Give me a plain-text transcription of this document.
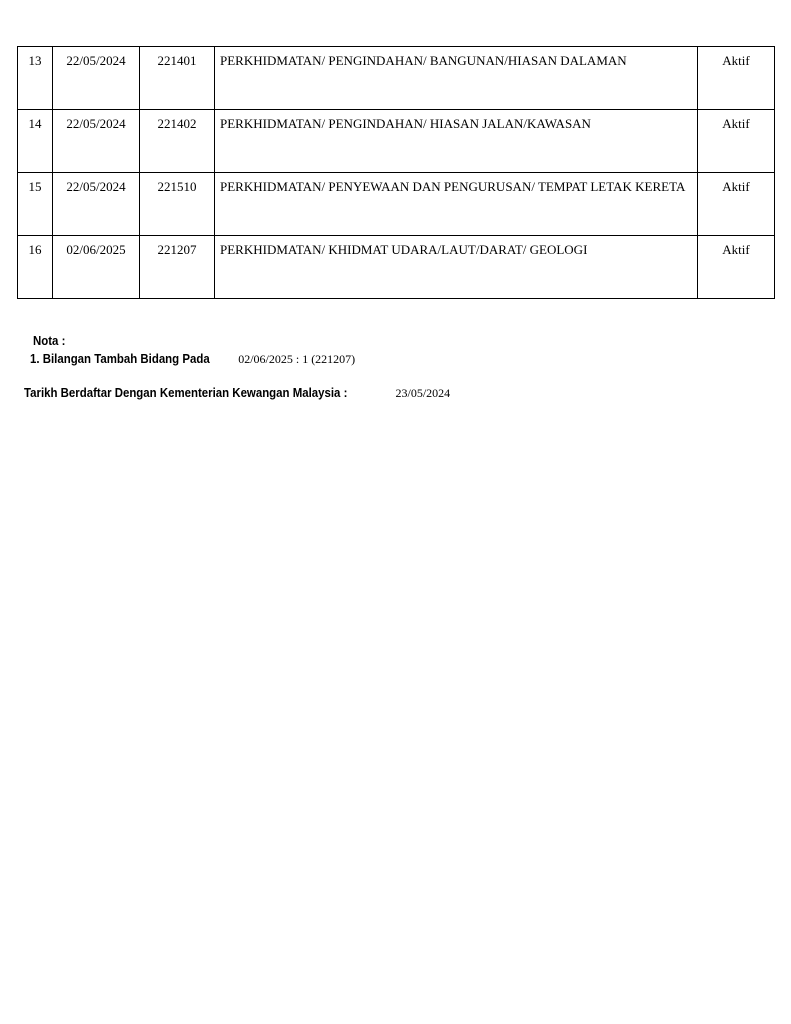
13	22/05/2024	221401	PERKHIDMATAN/ PENGINDAHAN/ BANGUNAN/HIASAN DALAMAN	Aktif
14	22/05/2024	221402	PERKHIDMATAN/ PENGINDAHAN/ HIASAN JALAN/KAWASAN	Aktif
15	22/05/2024	221510	PERKHIDMATAN/ PENYEWAAN DAN PENGURUSAN/ TEMPAT LETAK KERETA	Aktif
16	02/06/2025	221207	PERKHIDMATAN/ KHIDMAT UDARA/LAUT/DARAT/ GEOLOGI	Aktif
Nota :
1. Bilangan Tambah Bidang Pada 02/06/2025 : 1 (221207)
Tarikh Berdaftar Dengan Kementerian Kewangan Malaysia :	23/05/2024
